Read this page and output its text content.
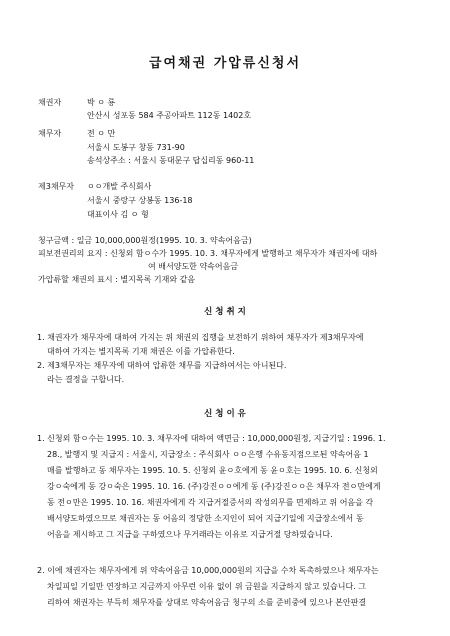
급여채권 가압류신청서
채권자	박 ㅇ 룡
안산시 성포동 584 주공아파트 112동 1402호
채무자	전 ㅇ 만
서울시 도봉구 창동 731-90
송석상주소 : 서울시 동대문구 답십리동 960-11
제3채무자 ㅇㅇ개발 주식회사
서울시 중랑구 상봉동 136-18
대표이사 김 ㅇ 형
청구금액 : 일금 10,000,000원정(1995. 10. 3. 약속어음금)
피보전권리의 요지 : 신청외 함ㅇ수가 1995. 10. 3. 채무자에게 발행하고 채무자가 채권자에 대하
여 배서양도한 약속어음금
가압류할 채권의 표시 : 별지목록 기재와 같음
신 청 취 지
1. 채권자가 채무자에 대하여 가지는 위 채권의 집행을 보전하기 위하여 채무자가 제3채무자에
대하여 가지는 별지목록 기재 채권은 이를 가압류한다.
2. 제3채무자는 채무자에 대하여 압류한 채무를 지급하여서는 아니된다.
라는 결정을 구합니다.
신 청 이 유
1. 신청외 함ㅇ수는 1995. 10. 3. 채무자에 대하여 액면금 : 10,000,000원정, 지급기일 : 1996. 1.
28., 발행지 및 지급지 : 서울시, 지급장소 : 주식회사 ㅇㅇ은행 수유동지점으로된 약속어음 1
매를 발행하고 동 채무자는 1995. 10. 5. 신청외 윤ㅇ호에게 동 윤ㅇ호는 1995. 10. 6. 신청외
강ㅇ숙에게 동 강ㅇ숙은 1995. 10. 16. (주)강진ㅇㅇ에게 동 (주)강진ㅇㅇ은 채무자 전ㅇ만에게
동 전ㅇ만은 1995. 10. 16. 채권자에게 각 지급거절증서의 작성의무를 면제하고 위 어음을 각
배서양도하였으므로 채권자는 동 어음의 정당한 소지인이 되어 지급기일에 지급장소에서 동
어음을 제시하고 그 지급을 구하였으나 무거래라는 이유로 지급거절 당하였습니다.
2. 이에 채권자는 채무자에게 위 약속어음금 10,000,000원의 지급을 수차 독촉하였으나 채무자는
차일피일 기일만 연장하고 지금까지 아무런 이유 없이 위 금원을 지급하지 않고 있습니다. 그
리하여 채권자는 부득히 채무자를 상대로 약속어음금 청구의 소를 준비중에 있으나 본안판결
